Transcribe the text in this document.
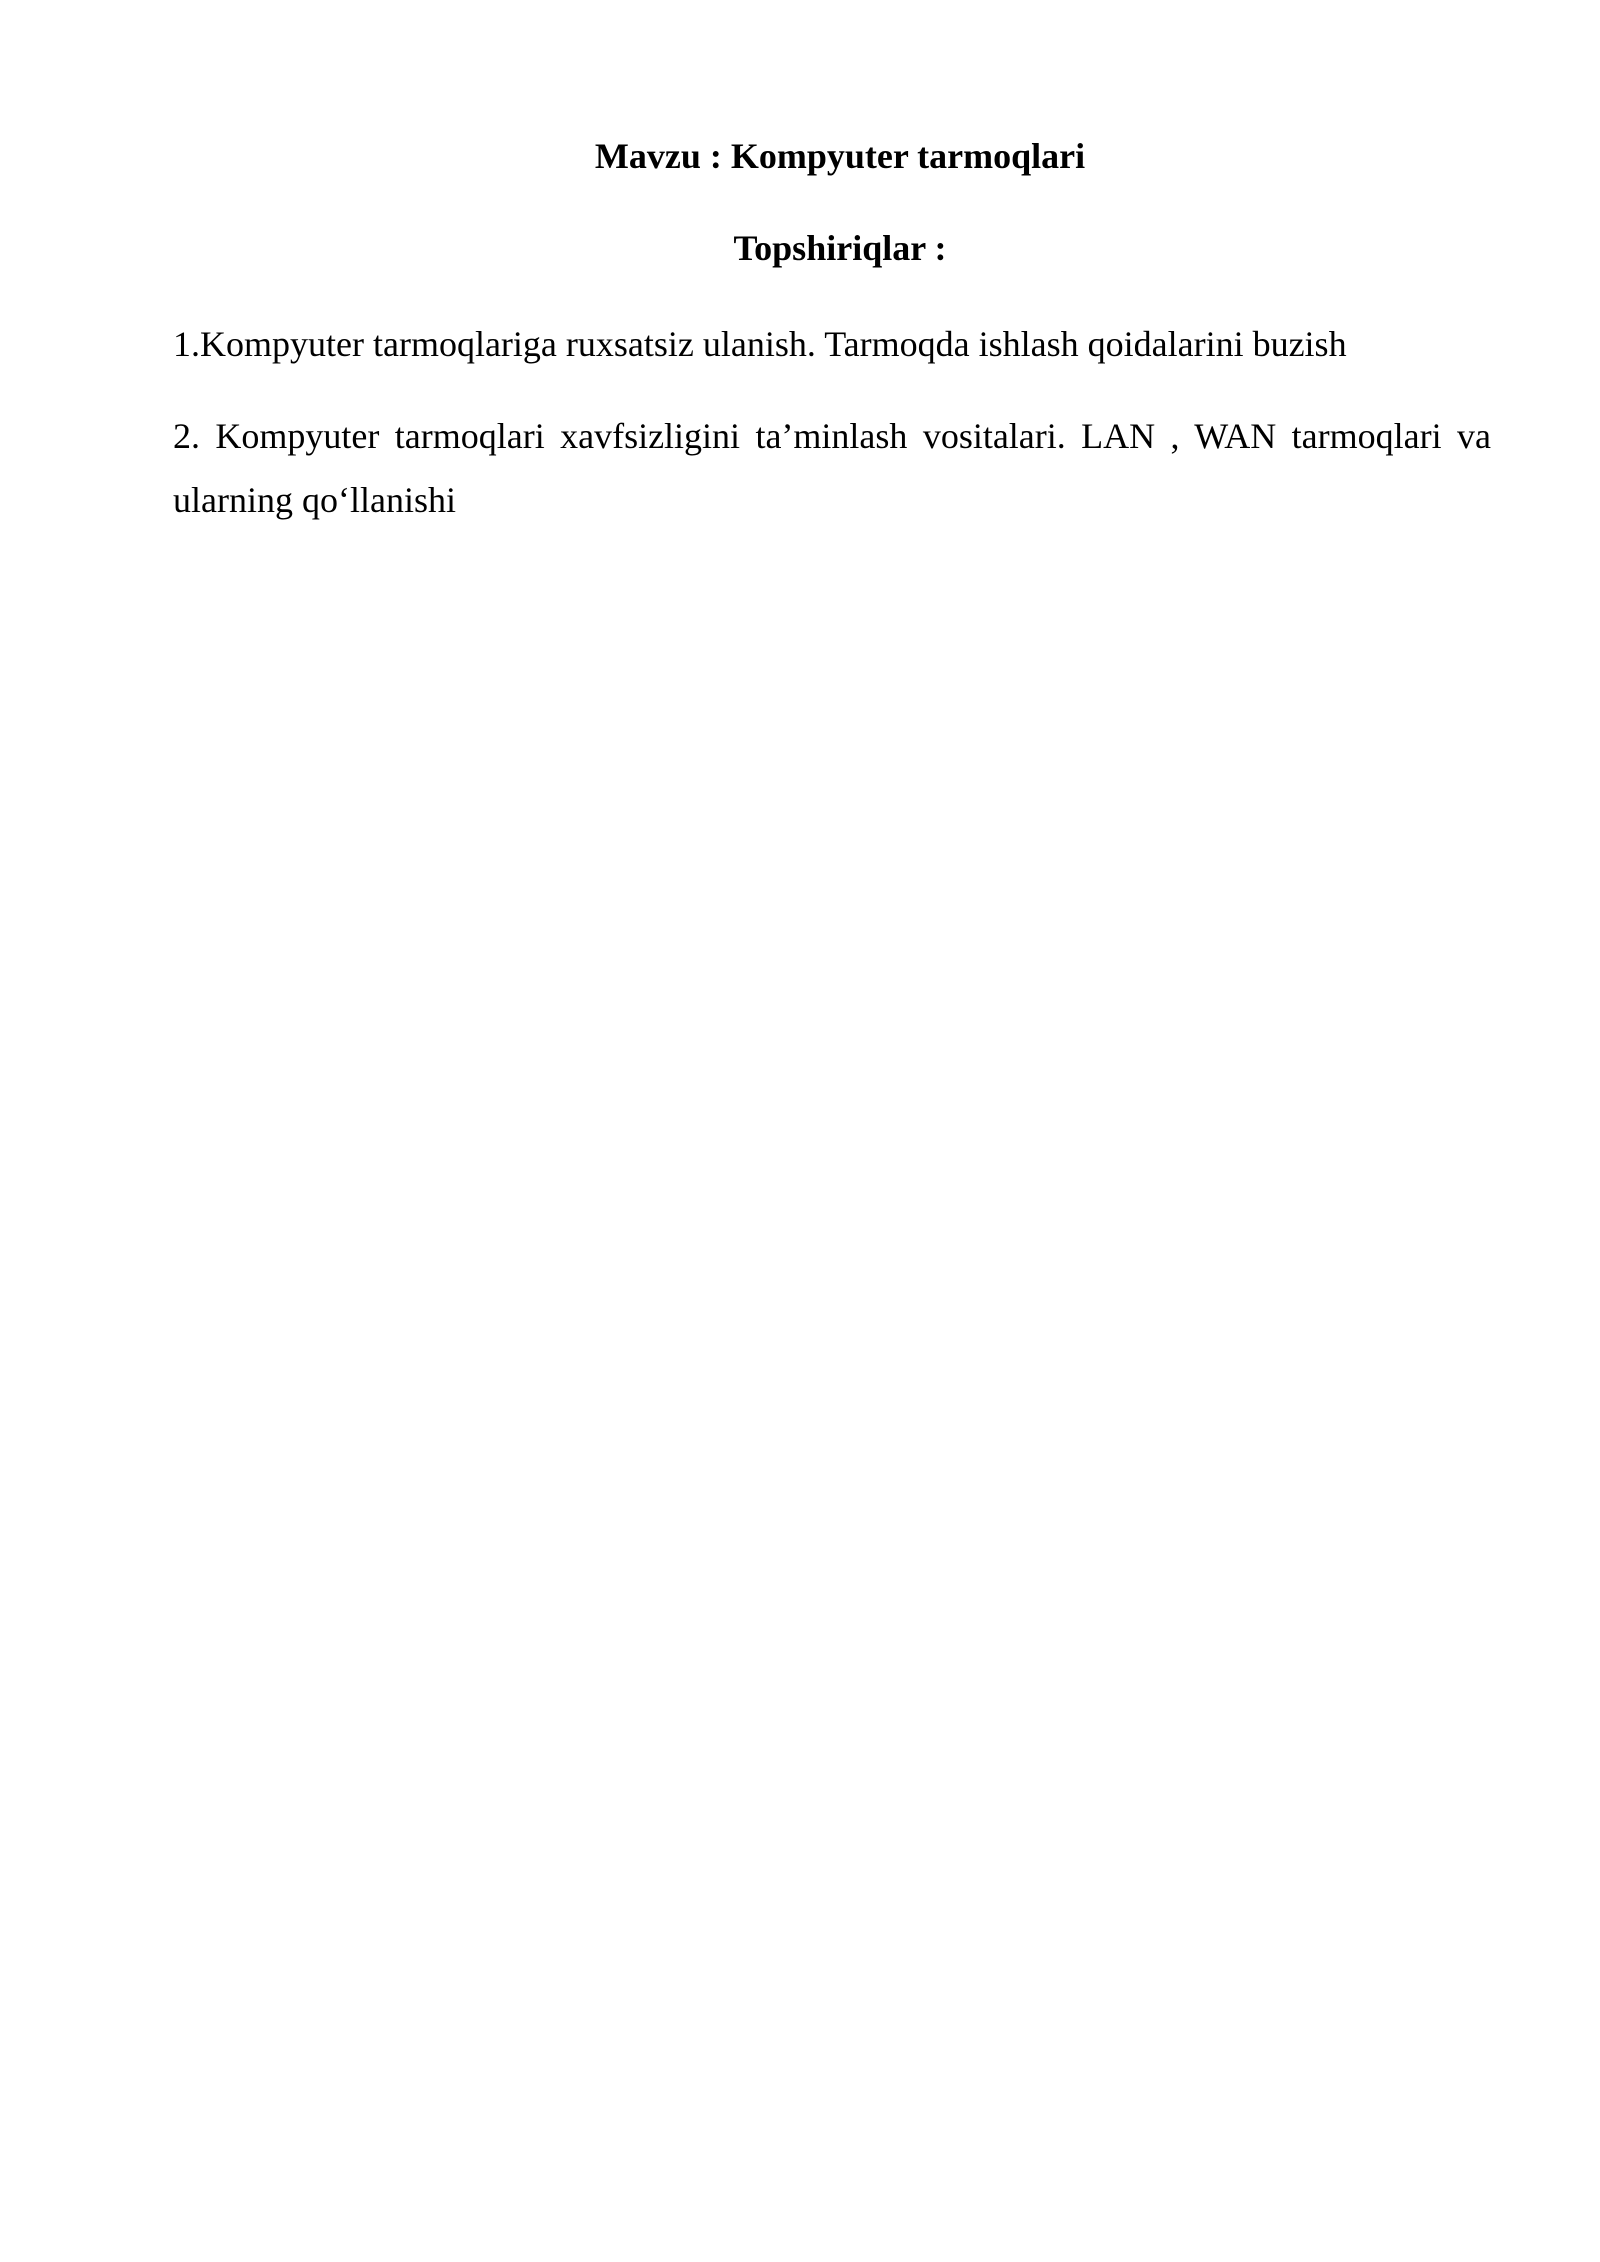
Mavzu : Kompyuter tarmoqlari
Topshiriqlar :

1.Kompyuter tarmoqlariga ruxsatsiz ulanish. Tarmoqda ishlash qoidalarini buzish

2. Kompyuter tarmoqlari xavfsizligini ta’minlash vositalari. LAN , WAN tarmoqlari va ularning qo‘llanishi
